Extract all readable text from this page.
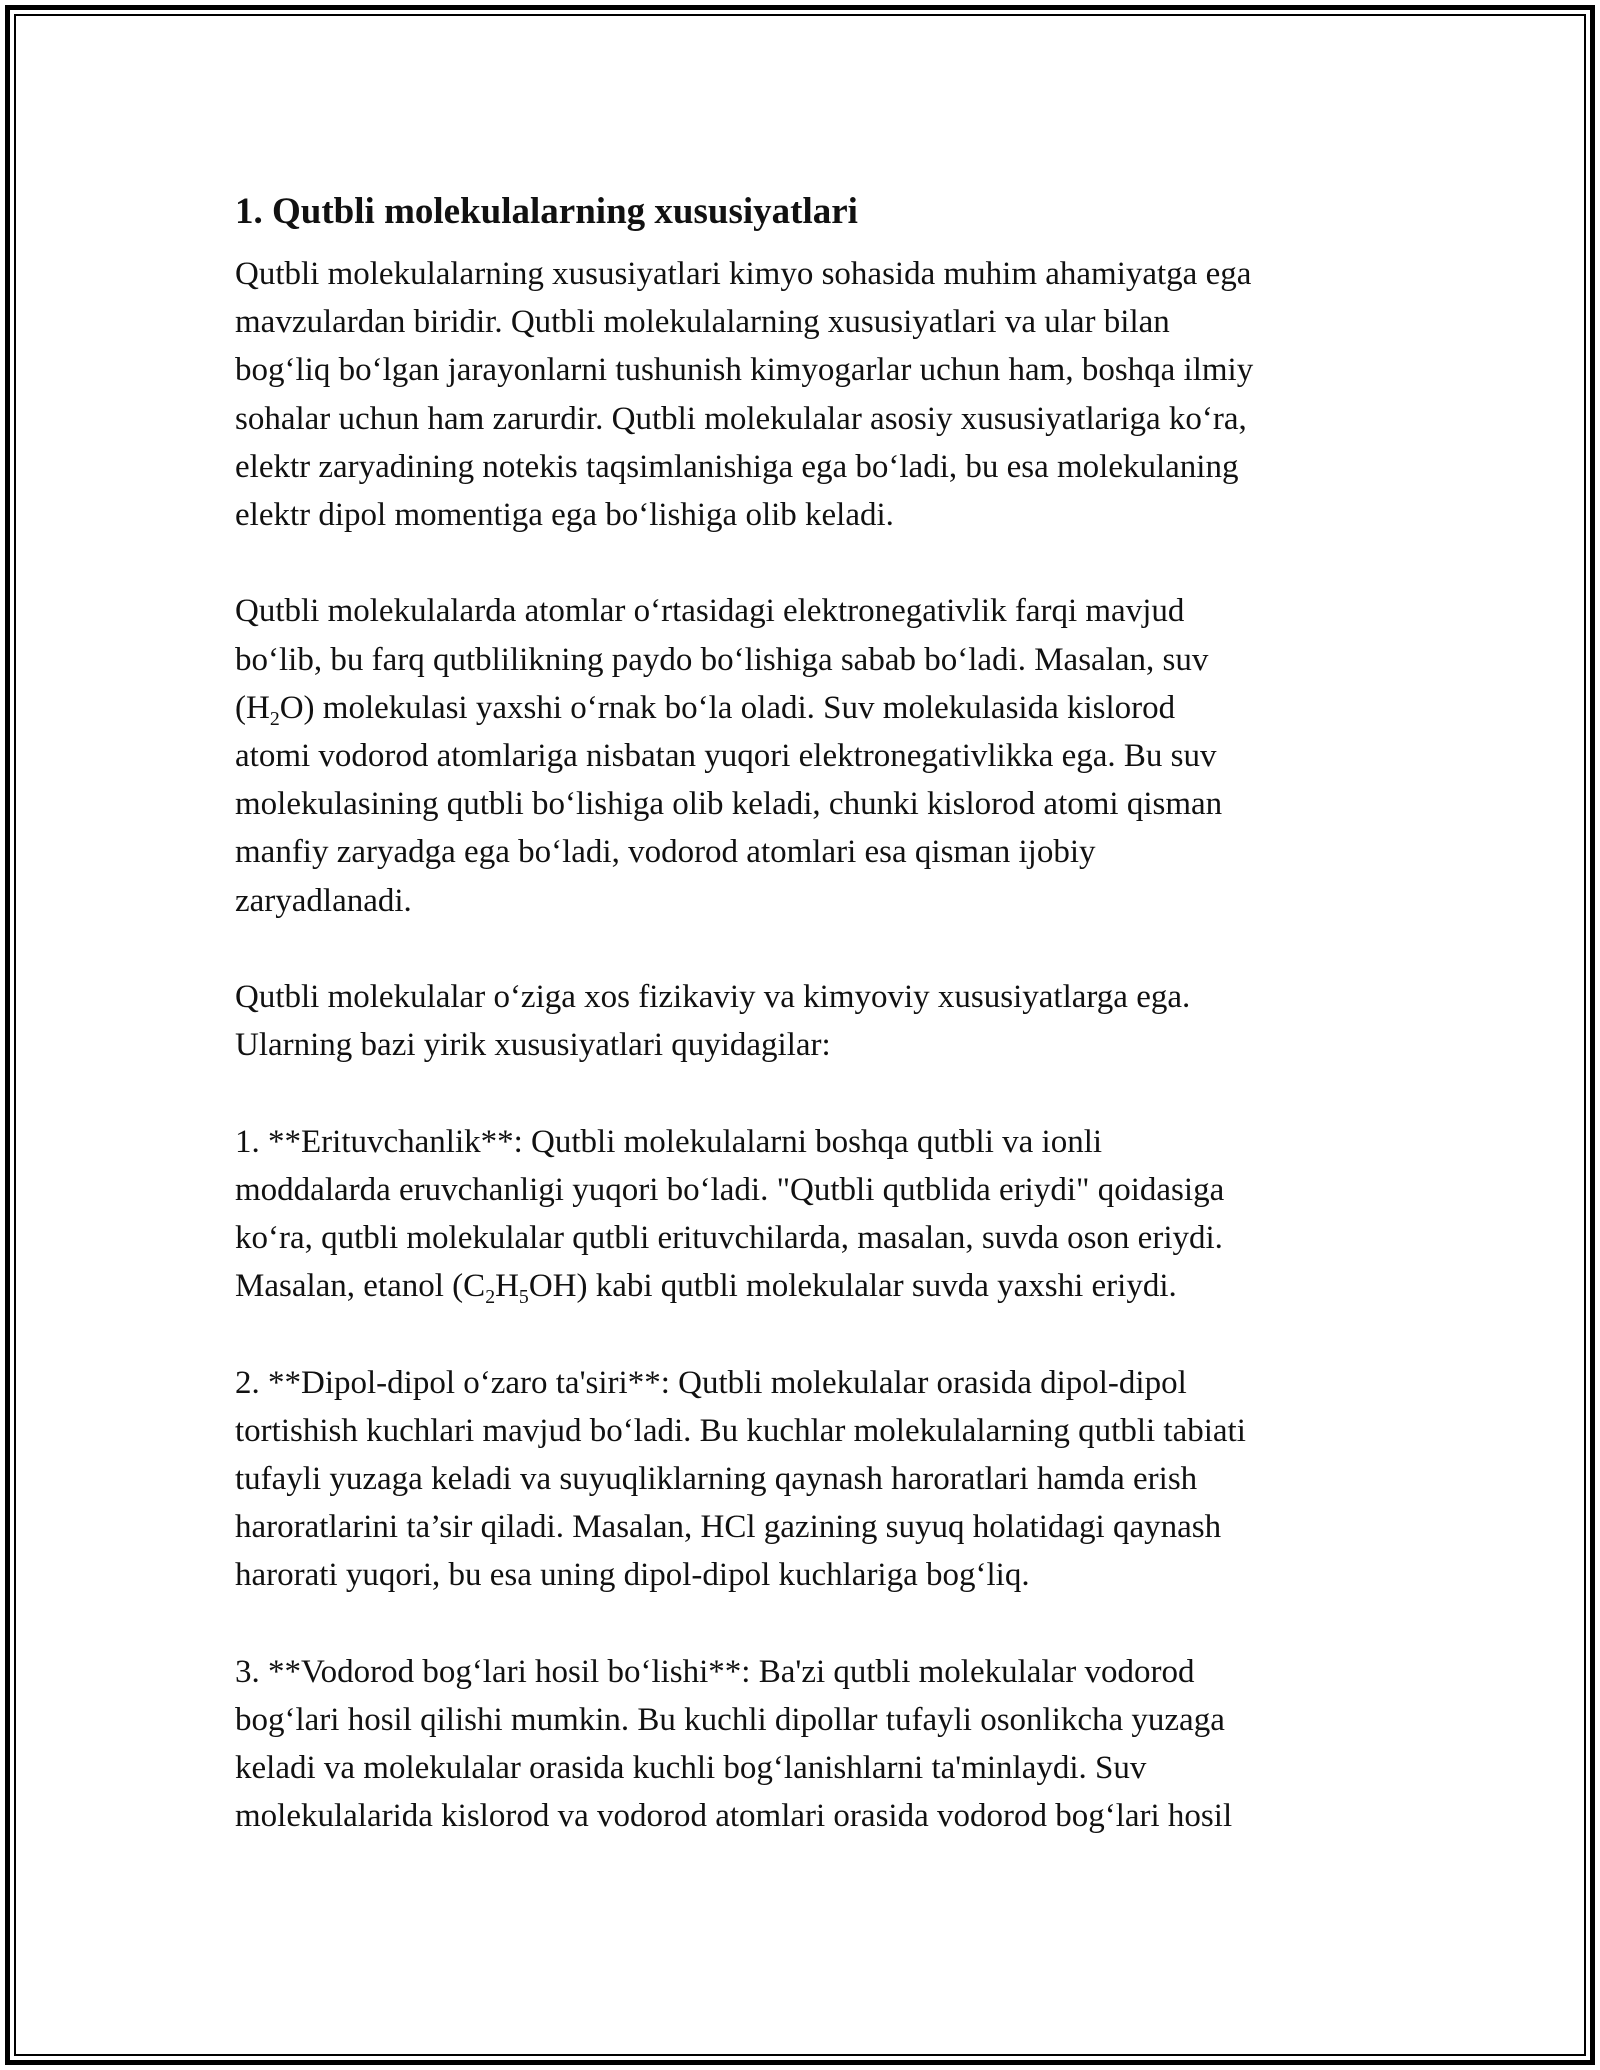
1. Qutbli molekulalarning xususiyatlari
Qutbli molekulalarning xususiyatlari kimyo sohasida muhim ahamiyatga ega
mavzulardan biridir. Qutbli molekulalarning xususiyatlari va ular bilan
bog‘liq bo‘lgan jarayonlarni tushunish kimyogarlar uchun ham, boshqa ilmiy
sohalar uchun ham zarurdir. Qutbli molekulalar asosiy xususiyatlariga ko‘ra,
elektr zaryadining notekis taqsimlanishiga ega bo‘ladi, bu esa molekulaning
elektr dipol momentiga ega bo‘lishiga olib keladi.
Qutbli molekulalarda atomlar o‘rtasidagi elektronegativlik farqi mavjud
bo‘lib, bu farq qutblilikning paydo bo‘lishiga sabab bo‘ladi. Masalan, suv
$(H_2O)$ molekulasi yaxshi o‘rnak bo‘la oladi. Suv molekulasida kislorod
atomi vodorod atomlariga nisbatan yuqori elektronegativlikka ega. Bu suv
molekulasining qutbli bo‘lishiga olib keladi, chunki kislorod atomi qisman
manfiy zaryadga ega bo‘ladi, vodorod atomlari esa qisman ijobiy
zaryadlanadi.
Qutbli molekulalar o‘ziga xos fizikaviy va kimyoviy xususiyatlarga ega.
Ularning bazi yirik xususiyatlari quyidagilar:
1. **Erituvchanlik**: Qutbli molekulalarni boshqa qutbli va ionli
moddalarda eruvchanligi yuqori bo‘ladi. "Qutbli qutblida eriydi" qoidasiga
ko‘ra, qutbli molekulalar qutbli erituvchilarda, masalan, suvda oson eriydi.
Masalan, etanol $(C_2H_5OH)$ kabi qutbli molekulalar suvda yaxshi eriydi.
2. **Dipol-dipol o‘zaro ta'siri**: Qutbli molekulalar orasida dipol-dipol
tortishish kuchlari mavjud bo‘ladi. Bu kuchlar molekulalarning qutbli tabiati
tufayli yuzaga keladi va suyuqliklarning qaynash haroratlari hamda erish
haroratlarini ta’sir qiladi. Masalan, HCl gazining suyuq holatidagi qaynash
harorati yuqori, bu esa uning dipol-dipol kuchlariga bog‘liq.
3. **Vodorod bog‘lari hosil bo‘lishi**: Ba'zi qutbli molekulalar vodorod
bog‘lari hosil qilishi mumkin. Bu kuchli dipollar tufayli osonlikcha yuzaga
keladi va molekulalar orasida kuchli bog‘lanishlarni ta'minlaydi. Suv
molekulalarida kislorod va vodorod atomlari orasida vodorod bog‘lari hosil
